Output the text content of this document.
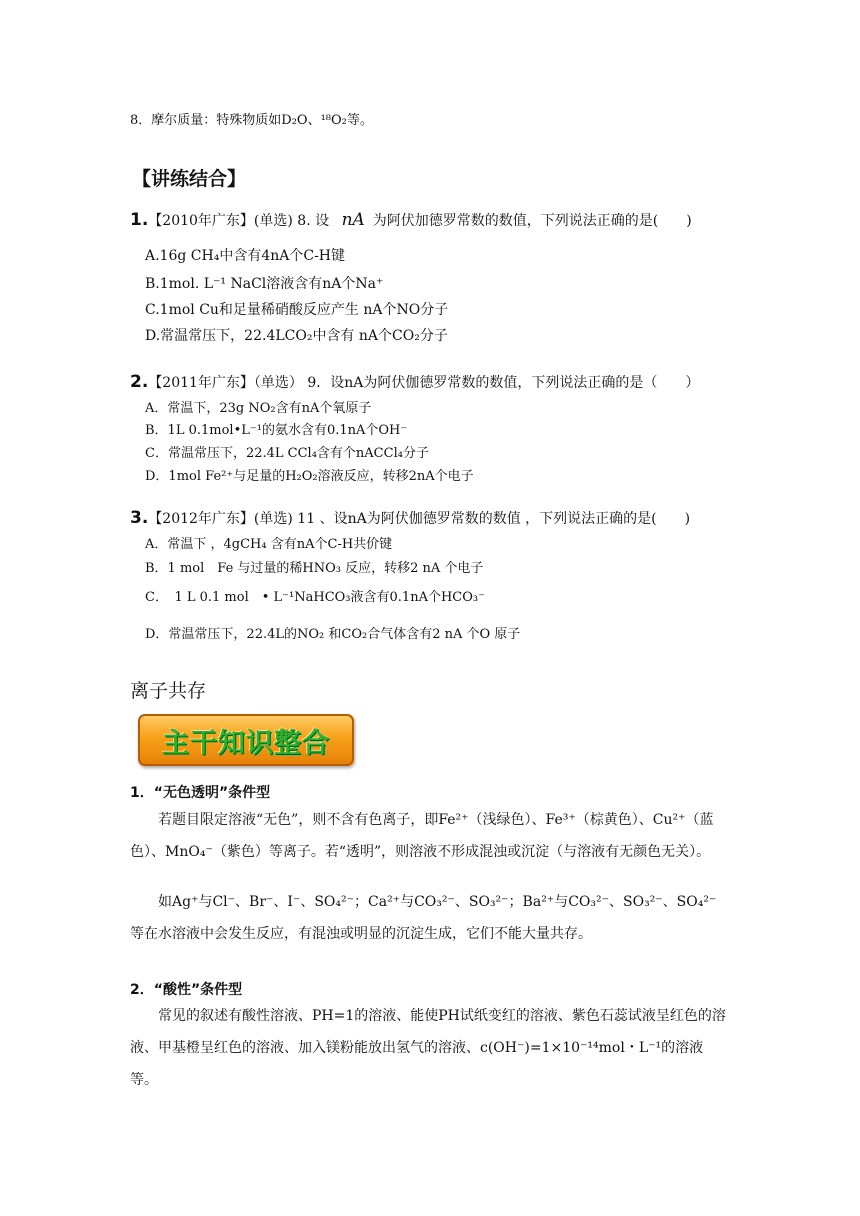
8．摩尔质量：特殊物质如D₂O、¹⁸O₂等。
【讲练结合】
1.【2010年广东】(单选) 8. 设 nA 为阿伏加德罗常数的数值，下列说法正确的是(　　)
A.16g CH₄中含有4nA个C-H键
B.1mol. L⁻¹ NaCl溶液含有nA个Na⁺
C.1mol Cu和足量稀硝酸反应产生 nA个NO分子
D.常温常压下，22.4LCO₂中含有 nA个CO₂分子
2.【2011年广东】（单选） 9．设nA为阿伏伽德罗常数的数值，下列说法正确的是（　　）
A．常温下，23g NO₂含有nA个氧原子
B．1L 0.1mol•L⁻¹的氨水含有0.1nA个OH⁻
C．常温常压下，22.4L CCl₄含有个nACCl₄分子
D．1mol Fe²⁺与足量的H₂O₂溶液反应，转移2nA个电子
3.【2012年广东】(单选) 11 、设nA为阿伏伽德罗常数的数值 ，下列说法正确的是(　　)
A．常温下 ，4gCH₄ 含有nA个C-H共价键
B．1 mol　Fe 与过量的稀HNO₃ 反应，转移2 nA 个电子
C．　1 L 0.1 mol　• L⁻¹NaHCO₃液含有0.1nA个HCO₃⁻
D．常温常压下，22.4L的NO₂ 和CO₂合气体含有2 nA 个O 原子
离子共存
主干知识整合
1．“无色透明”条件型
若题目限定溶液“无色”，则不含有色离子，即Fe²⁺（浅绿色）、Fe³⁺（棕黄色）、Cu²⁺（蓝色）、MnO₄⁻（紫色）等离子。若“透明”，则溶液不形成混浊或沉淀（与溶液有无颜色无关）。
如Ag⁺与Cl⁻、Br⁻、I⁻、SO₄²⁻；Ca²⁺与CO₃²⁻、SO₃²⁻；Ba²⁺与CO₃²⁻、SO₃²⁻、SO₄²⁻等在水溶液中会发生反应，有混浊或明显的沉淀生成，它们不能大量共存。
2．“酸性”条件型
常见的叙述有酸性溶液、PH=1的溶液、能使PH试纸变红的溶液、紫色石蕊试液呈红色的溶液、甲基橙呈红色的溶液、加入镁粉能放出氢气的溶液、c(OH⁻)=1×10⁻¹⁴mol・L⁻¹的溶液等。
